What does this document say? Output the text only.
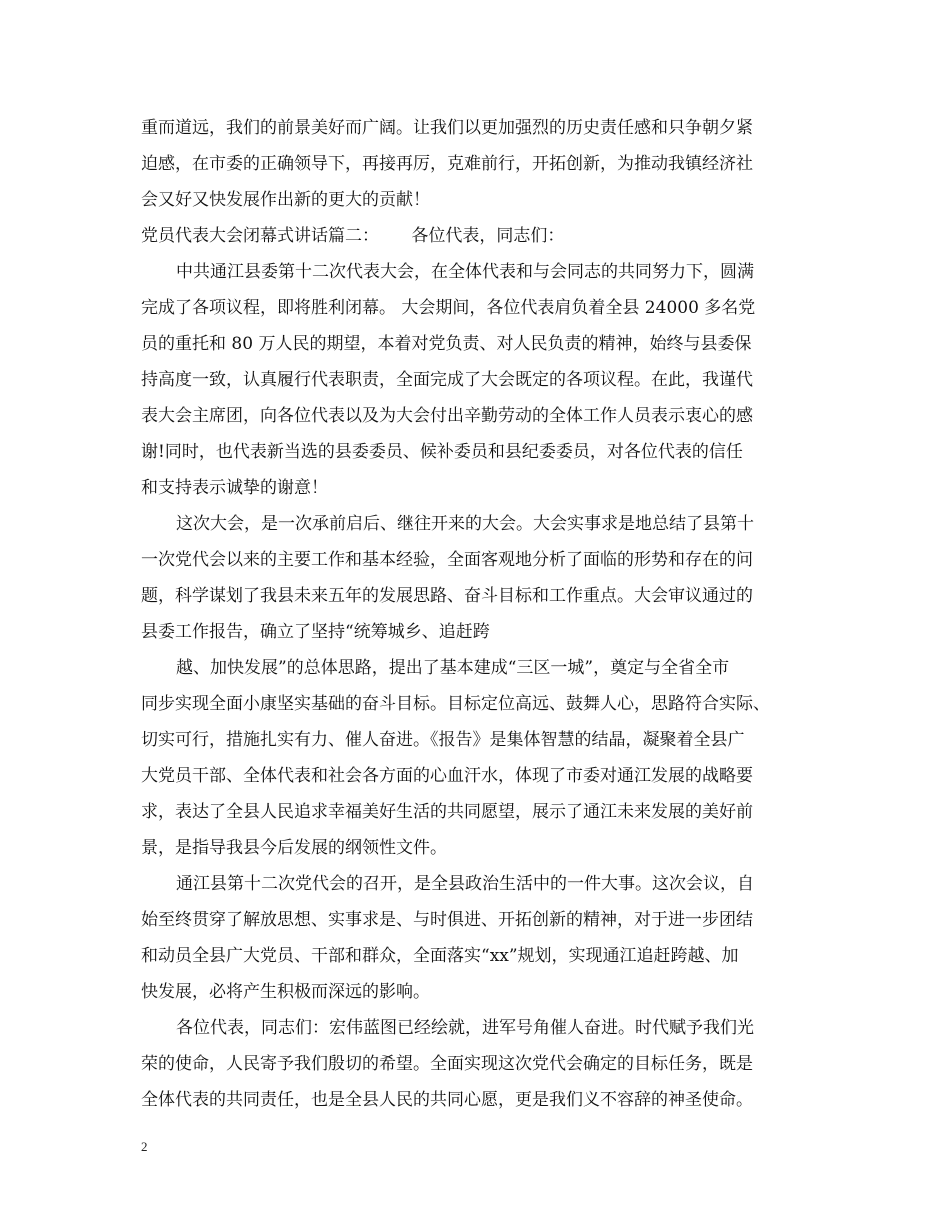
重而道远，我们的前景美好而广阔。让我们以更加强烈的历史责任感和只争朝夕紧

迫感，在市委的正确领导下，再接再厉，克难前行，开拓创新，为推动我镇经济社

会又好又快发展作出新的更大的贡献！

党员代表大会闭幕式讲话篇二：      各位代表，同志们：

中共通江县委第十二次代表大会，在全体代表和与会同志的共同努力下，圆满

完成了各项议程，即将胜利闭幕。 大会期间，各位代表肩负着全县 24000 多名党

员的重托和 80 万人民的期望，本着对党负责、对人民负责的精神，始终与县委保

持高度一致，认真履行代表职责，全面完成了大会既定的各项议程。在此，我谨代

表大会主席团，向各位代表以及为大会付出辛勤劳动的全体工作人员表示衷心的感

谢!同时，也代表新当选的县委委员、候补委员和县纪委委员，对各位代表的信任

和支持表示诚挚的谢意！

这次大会，是一次承前启后、继往开来的大会。大会实事求是地总结了县第十

一次党代会以来的主要工作和基本经验，全面客观地分析了面临的形势和存在的问

题，科学谋划了我县未来五年的发展思路、奋斗目标和工作重点。大会审议通过的

县委工作报告，确立了坚持“统筹城乡、追赶跨

越、加快发展”的总体思路，提出了基本建成“三区一城”，奠定与全省全市

同步实现全面小康坚实基础的奋斗目标。目标定位高远、鼓舞人心，思路符合实际、

切实可行，措施扎实有力、催人奋进。《报告》是集体智慧的结晶，凝聚着全县广

大党员干部、全体代表和社会各方面的心血汗水，体现了市委对通江发展的战略要

求，表达了全县人民追求幸福美好生活的共同愿望，展示了通江未来发展的美好前

景，是指导我县今后发展的纲领性文件。

通江县第十二次党代会的召开，是全县政治生活中的一件大事。这次会议，自

始至终贯穿了解放思想、实事求是、与时俱进、开拓创新的精神，对于进一步团结

和动员全县广大党员、干部和群众，全面落实“xx”规划，实现通江追赶跨越、加

快发展，必将产生积极而深远的影响。

各位代表，同志们：宏伟蓝图已经绘就，进军号角催人奋进。时代赋予我们光

荣的使命，人民寄予我们殷切的希望。全面实现这次党代会确定的目标任务，既是

全体代表的共同责任，也是全县人民的共同心愿，更是我们义不容辞的神圣使命。

2
